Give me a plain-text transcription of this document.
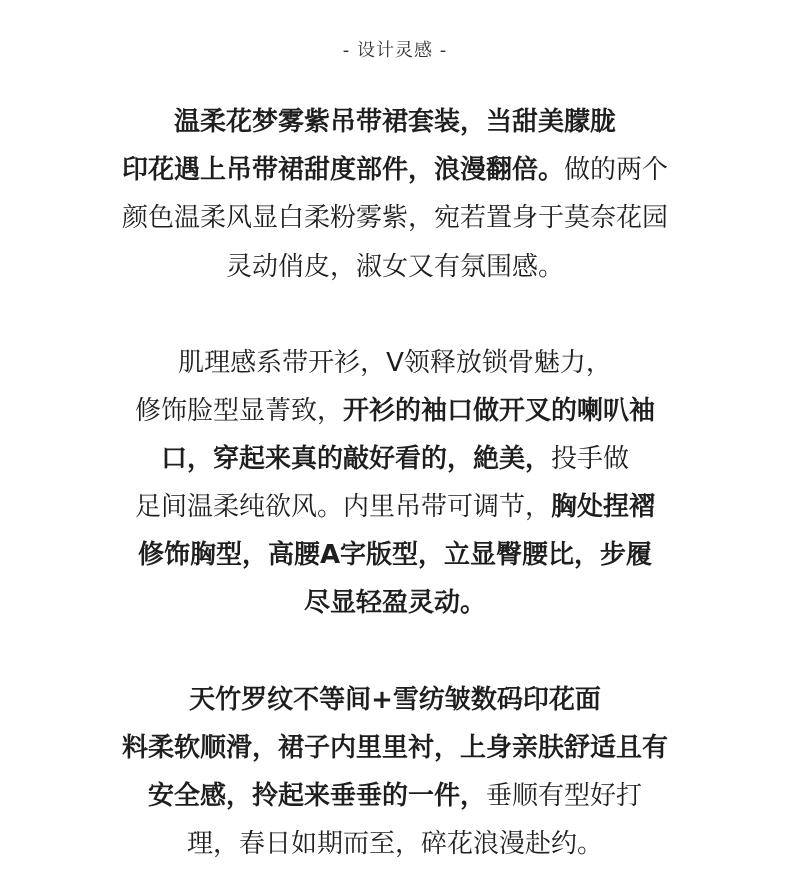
- 设计灵感 -
温柔花梦雾紫吊带裙套装，当甜美朦胧
印花遇上吊带裙甜度部件，浪漫翻倍。做的两个
颜色温柔风显白柔粉雾紫，宛若置身于莫奈花园
灵动俏皮，淑女又有氛围感。
肌理感系带开衫，V领释放锁骨魅力，
修饰脸型显菁致，开衫的袖口做开叉的喇叭袖
口，穿起来真的敲好看的，絶美，投手做
足间温柔纯欲风。内里吊带可调节，胸处捏褶
修饰胸型，高腰A字版型，立显臀腰比，步履
尽显轻盈灵动。
天竹罗纹不等间+雪纺皱数码印花面
料柔软顺滑，裙子内里里衬，上身亲肤舒适且有
安全感，拎起来垂垂的一件，垂顺有型好打
理，春日如期而至，碎花浪漫赴约。
